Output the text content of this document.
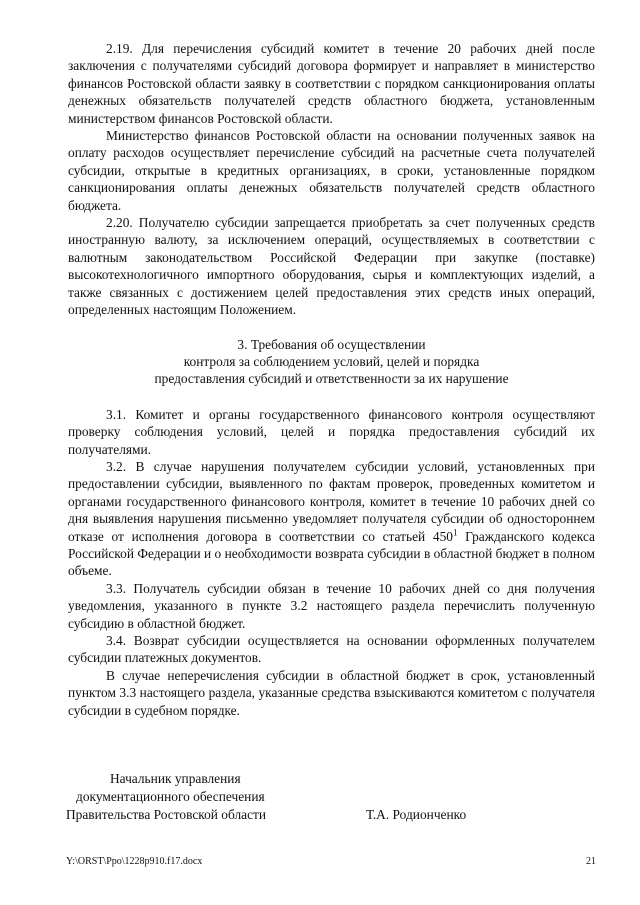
2.19. Для перечисления субсидий комитет в течение 20 рабочих дней после заключения с получателями субсидий договора формирует и направляет в министерство финансов Ростовской области заявку в соответствии с порядком санкционирования оплаты денежных обязательств получателей средств областного бюджета, установленным министерством финансов Ростовской области.

Министерство финансов Ростовской области на основании полученных заявок на оплату расходов осуществляет перечисление субсидий на расчетные счета получателей субсидии, открытые в кредитных организациях, в сроки, установленные порядком санкционирования оплаты денежных обязательств получателей средств областного бюджета.

2.20. Получателю субсидии запрещается приобретать за счет полученных средств иностранную валюту, за исключением операций, осуществляемых в соответствии с валютным законодательством Российской Федерации при закупке (поставке) высокотехнологичного импортного оборудования, сырья и комплектующих изделий, а также связанных с достижением целей предоставления этих средств иных операций, определенных настоящим Положением.

3. Требования об осуществлении
контроля за соблюдением условий, целей и порядка
предоставления субсидий и ответственности за их нарушение

3.1. Комитет и органы государственного финансового контроля осуществляют проверку соблюдения условий, целей и порядка предоставления субсидий их получателями.

3.2. В случае нарушения получателем субсидии условий, установленных при предоставлении субсидии, выявленного по фактам проверок, проведенных комитетом и органами государственного финансового контроля, комитет в течение 10 рабочих дней со дня выявления нарушения письменно уведомляет получателя субсидии об одностороннем отказе от исполнения договора в соответствии со статьей $450^1$ Гражданского кодекса Российской Федерации и о необходимости возврата субсидии в областной бюджет в полном объеме.

3.3. Получатель субсидии обязан в течение 10 рабочих дней со дня получения уведомления, указанного в пункте 3.2 настоящего раздела перечислить полученную субсидию в областной бюджет.

3.4. Возврат субсидии осуществляется на основании оформленных получателем субсидии платежных документов.

В случае неперечисления субсидии в областной бюджет в срок, установленный пунктом 3.3 настоящего раздела, указанные средства взыскиваются комитетом с получателя субсидии в судебном порядке.

Начальник управления
документационного обеспечения
Правительства Ростовской области	Т.А. Родионченко
Y:\ORST\Ppo\1228p910.f17.docx	21
